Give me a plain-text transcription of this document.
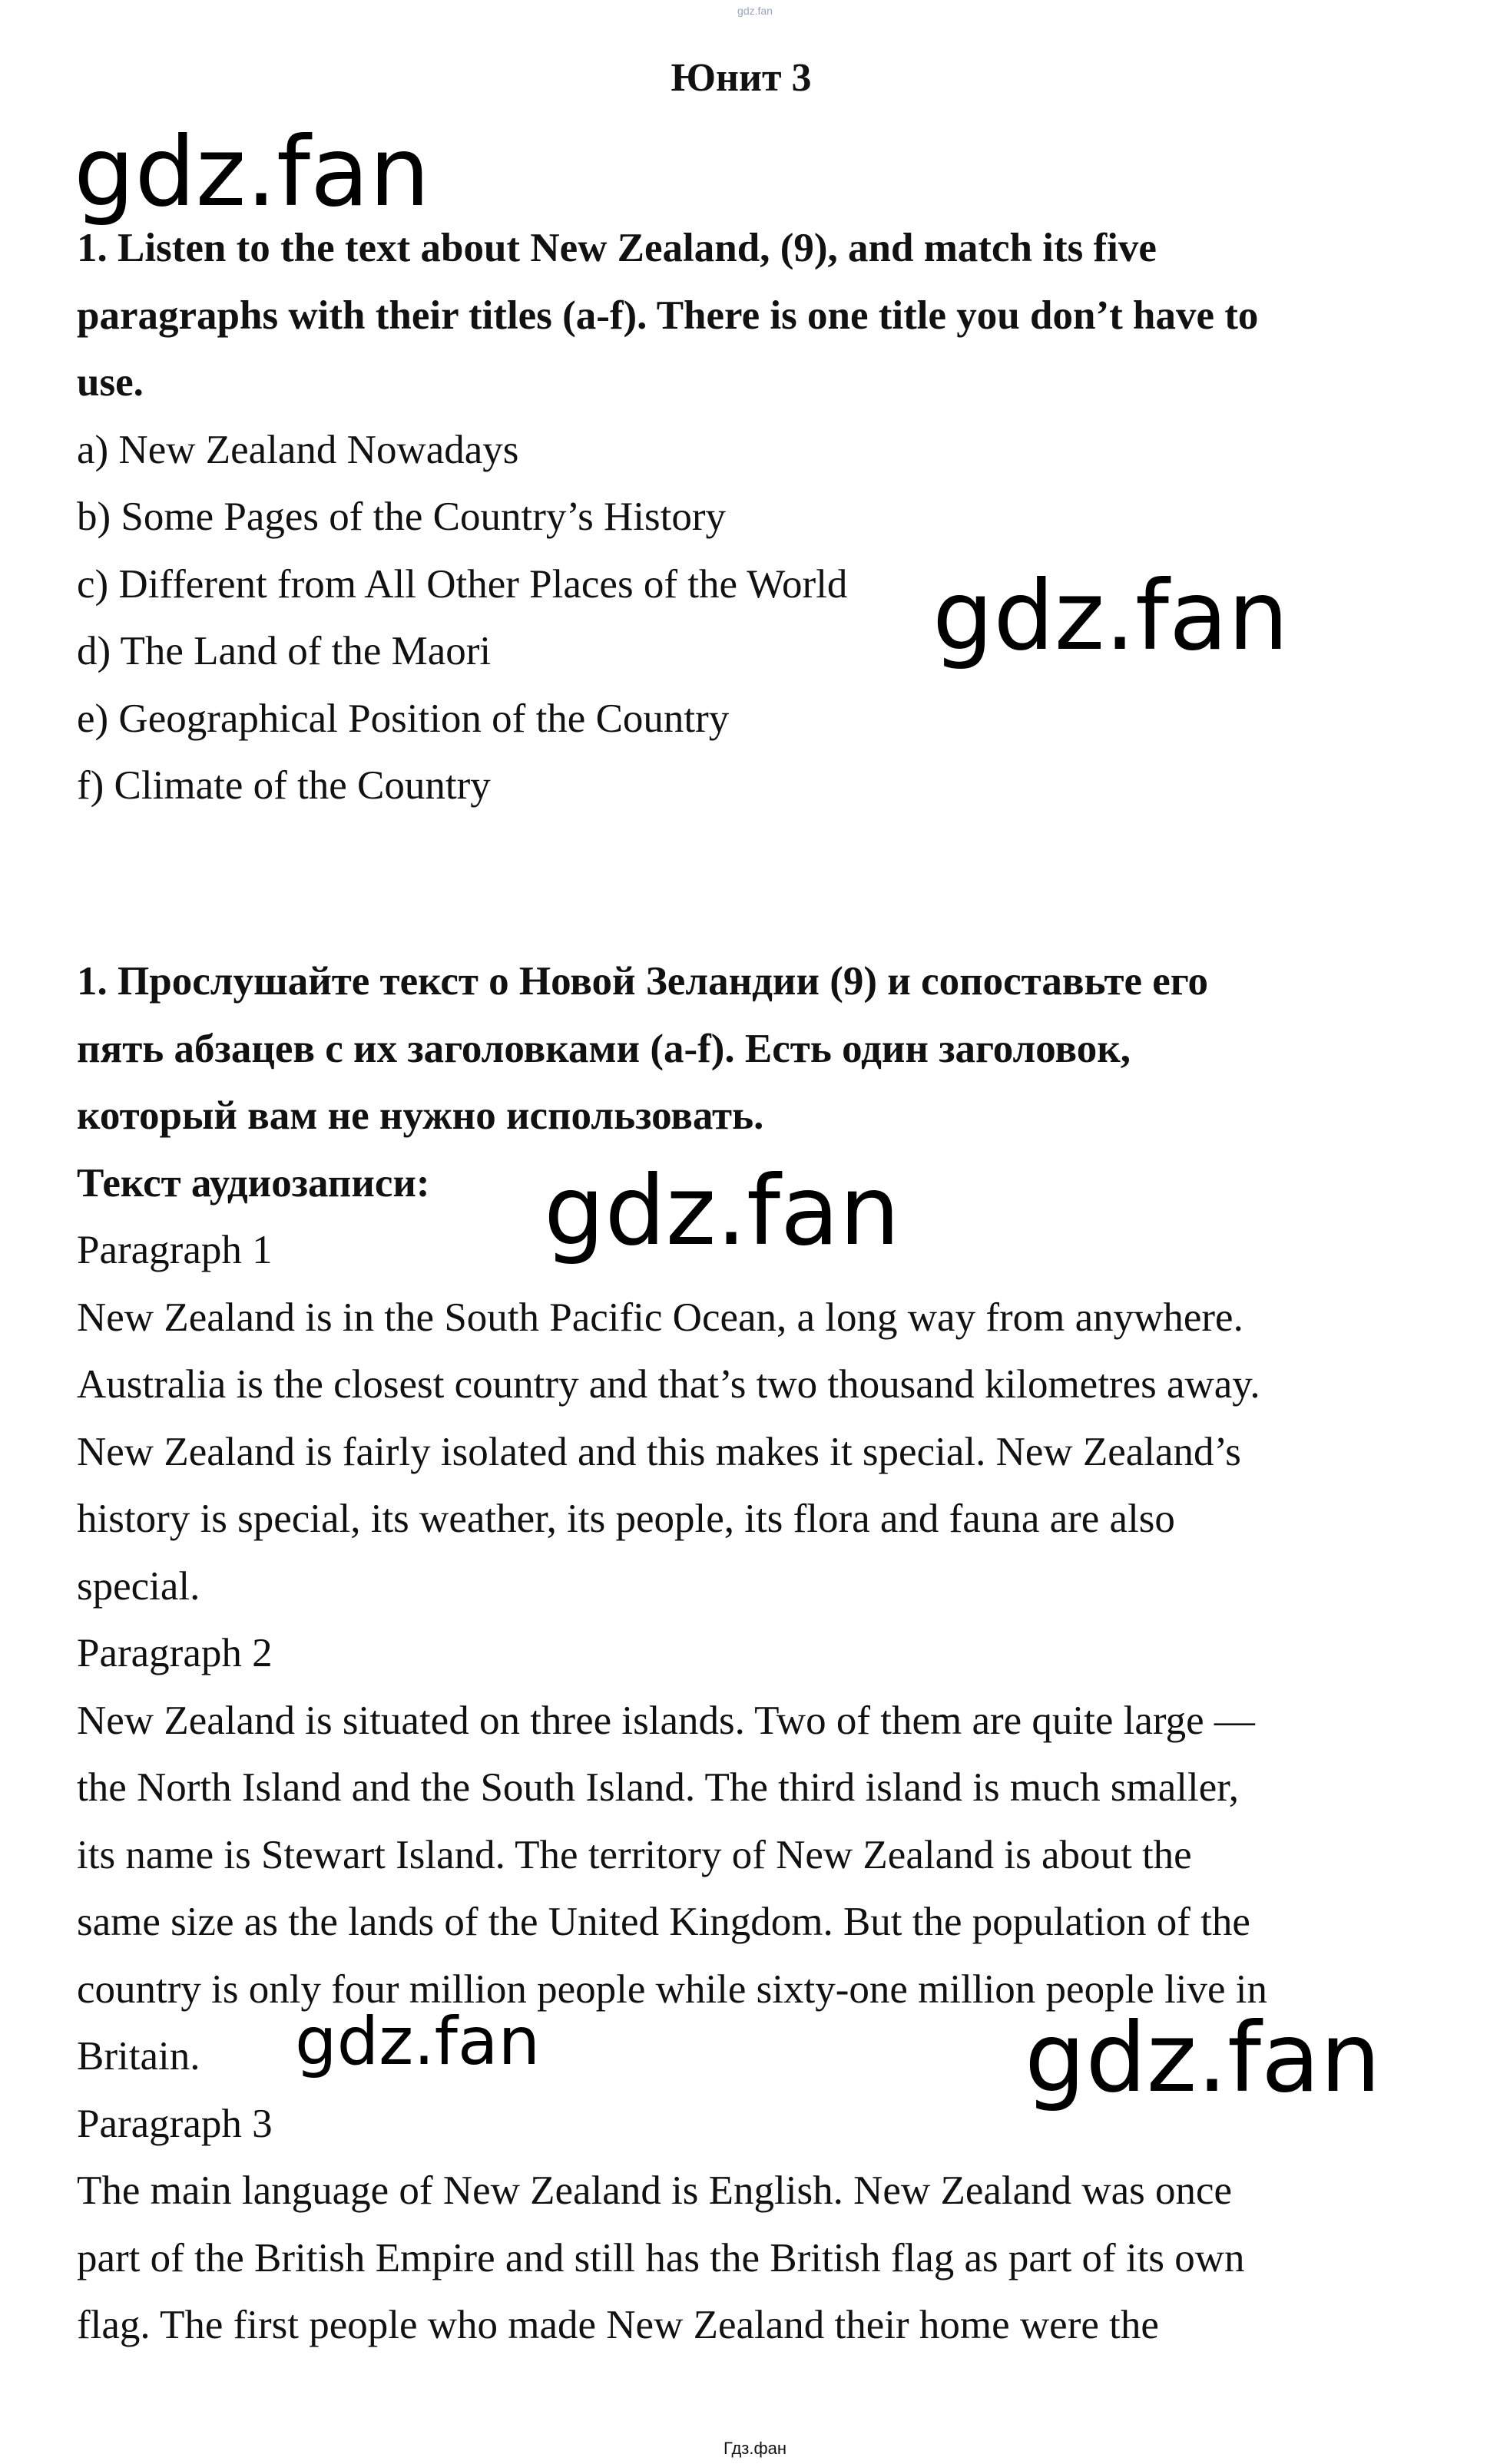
gdz.fan
Юнит 3

1. Listen to the text about New Zealand, (9), and match its five

paragraphs with their titles (a-f). There is one title you don’t have to

use.

a) New Zealand Nowadays

b) Some Pages of the Country’s History

c) Different from All Other Places of the World

d) The Land of the Maori

e) Geographical Position of the Country

f) Climate of the Country

1. Прослушайте текст о Новой Зеландии (9) и сопоставьте его

пять абзацев с их заголовками (a-f). Есть один заголовок,

который вам не нужно использовать.

Текст аудиозаписи:

Paragraph 1

New Zealand is in the South Pacific Ocean, a long way from anywhere.

Australia is the closest country and that’s two thousand kilometres away.

New Zealand is fairly isolated and this makes it special. New Zealand’s

history is special, its weather, its people, its flora and fauna are also

special.

Paragraph 2

New Zealand is situated on three islands. Two of them are quite large —

the North Island and the South Island. The third island is much smaller,

its name is Stewart Island. The territory of New Zealand is about the

same size as the lands of the United Kingdom. But the population of the

country is only four million people while sixty-one million people live in

Britain.

Paragraph 3

The main language of New Zealand is English. New Zealand was once

part of the British Empire and still has the British flag as part of its own

flag. The first people who made New Zealand their home were the

gdz.fan
gdz.fan
gdz.fan
gdz.fan	gdz.fan
Гдз.фан
